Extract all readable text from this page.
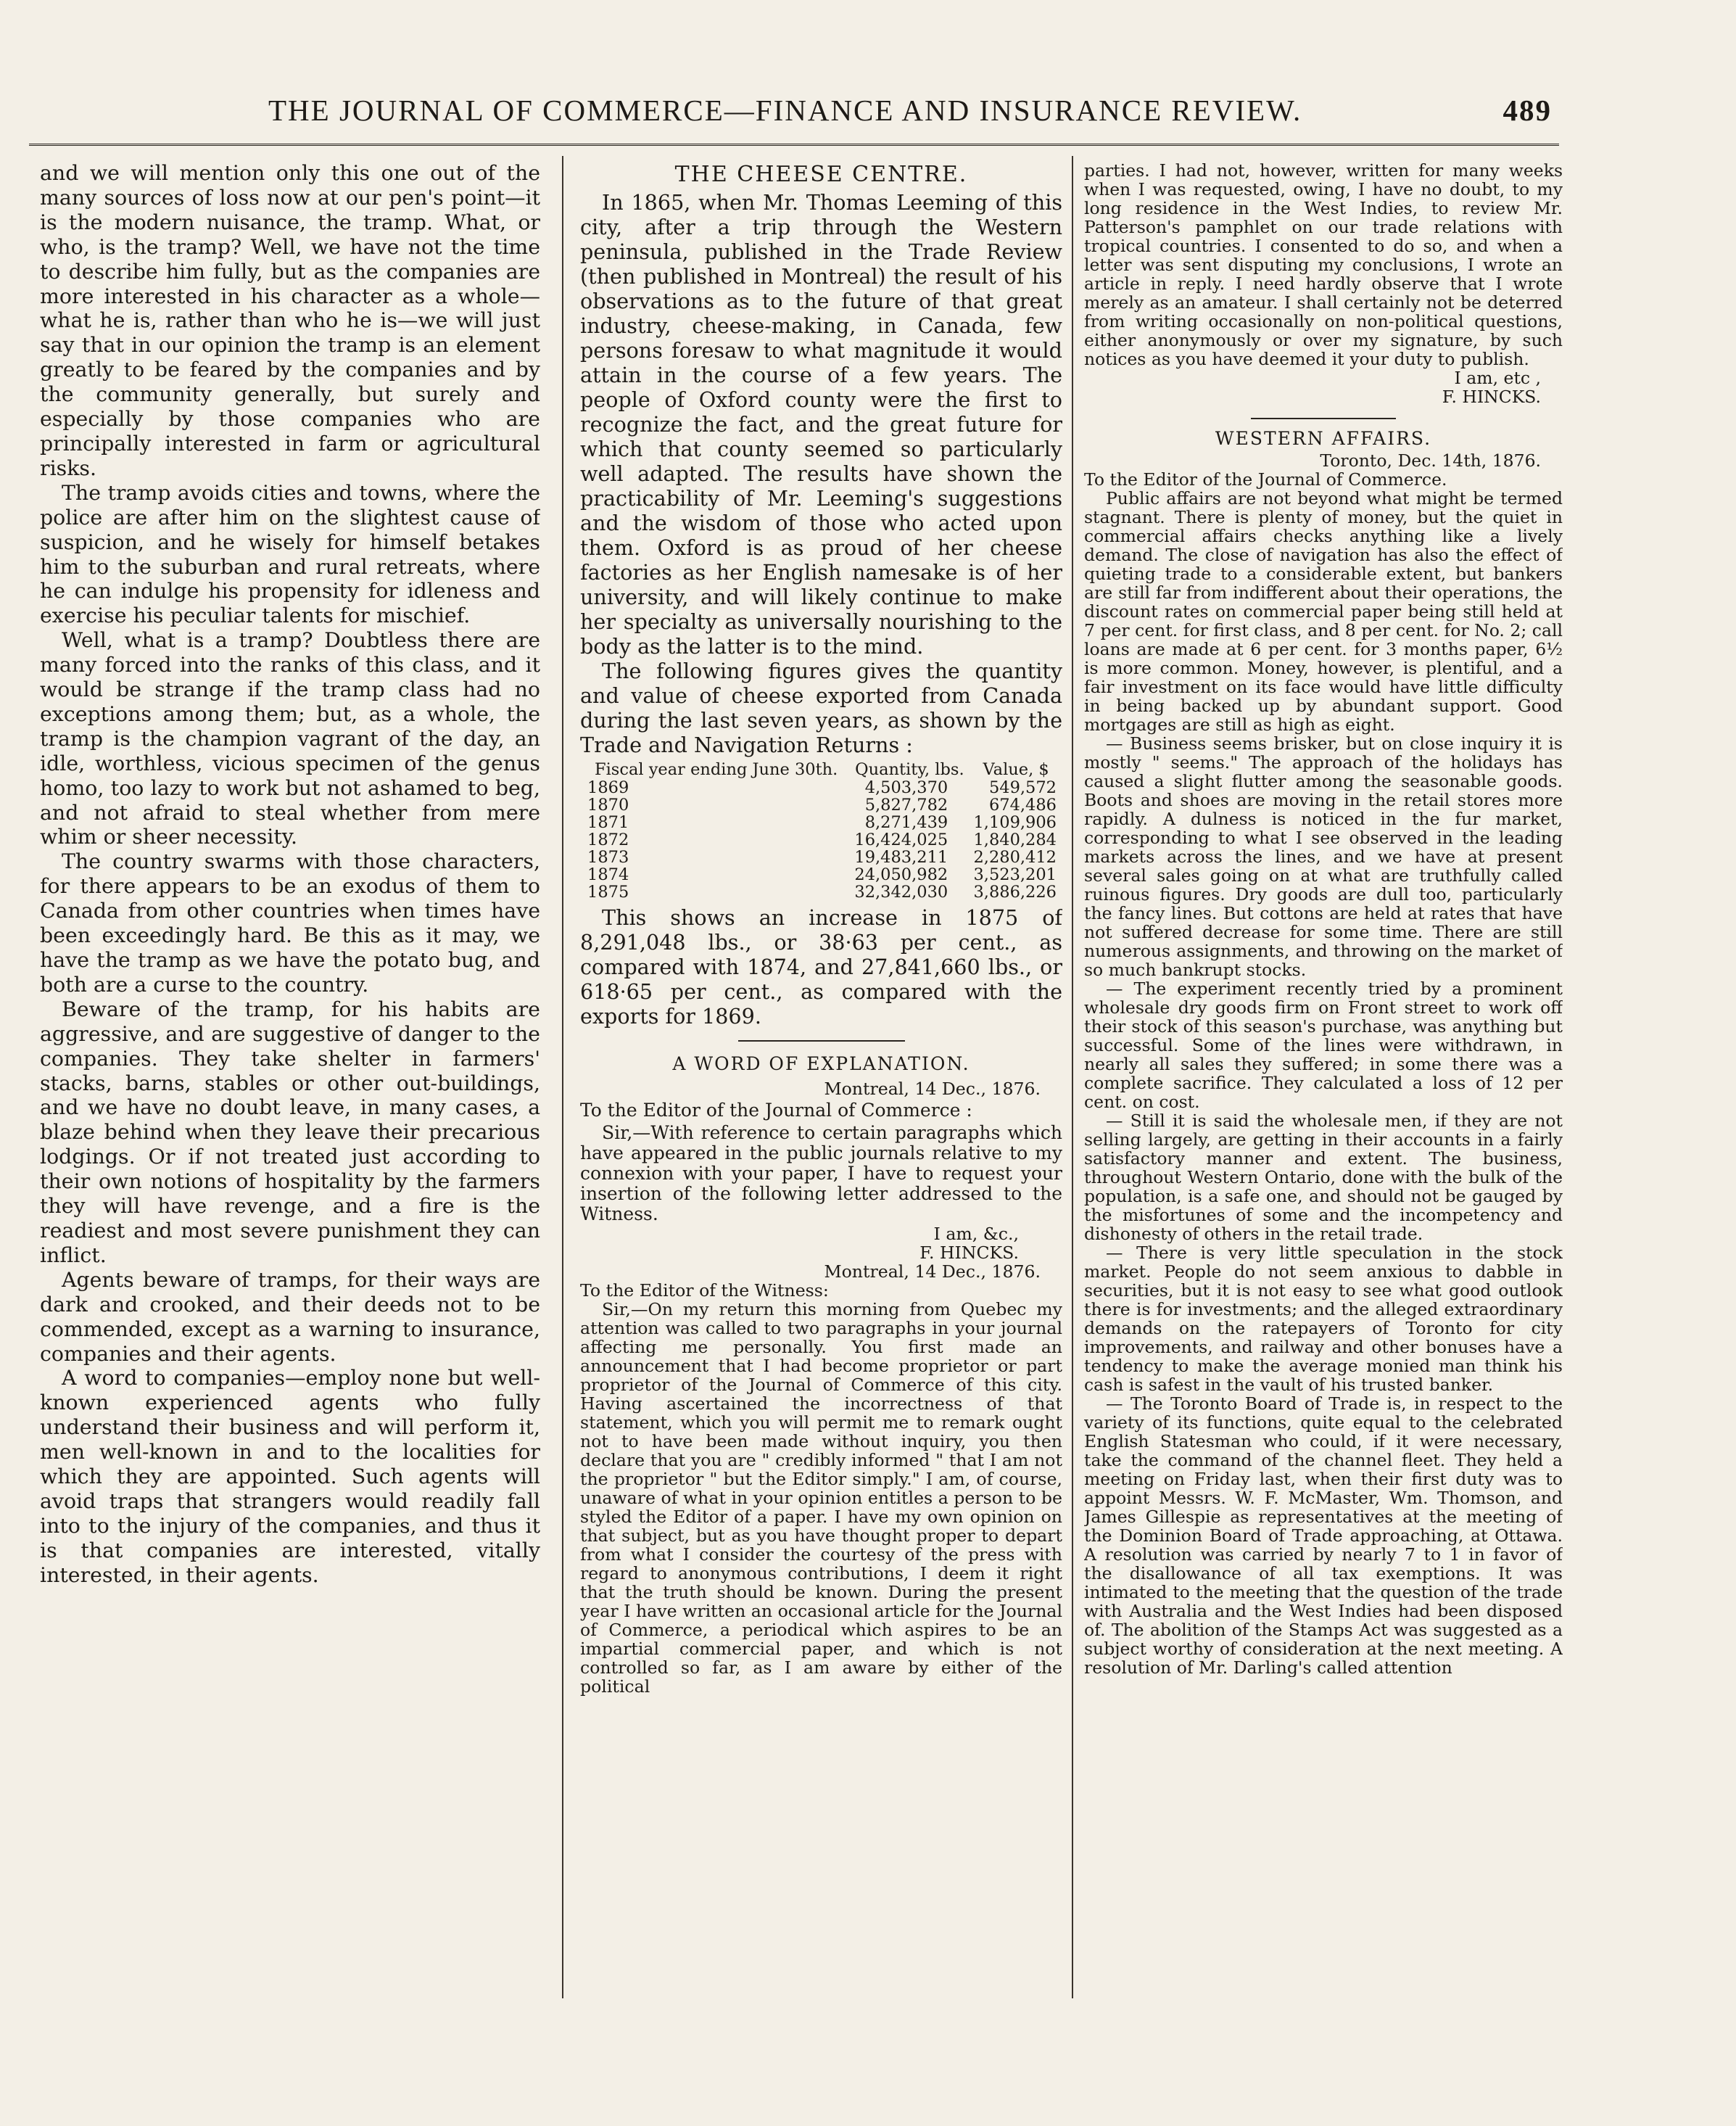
THE JOURNAL OF COMMERCE—FINANCE AND INSURANCE REVIEW.	489

and we will mention only this one out of the many sources of loss now at our pen's point—it is the modern nuisance, the tramp. What, or who, is the tramp? Well, we have not the time to describe him fully, but as the companies are more interested in his character as a whole—what he is, rather than who he is—we will just say that in our opinion the tramp is an element greatly to be feared by the companies and by the community generally, but surely and especially by those companies who are principally interested in farm or agricultural risks.

The tramp avoids cities and towns, where the police are after him on the slightest cause of suspicion, and he wisely for himself betakes him to the suburban and rural retreats, where he can indulge his propensity for idleness and exercise his peculiar talents for mischief.

Well, what is a tramp? Doubtless there are many forced into the ranks of this class, and it would be strange if the tramp class had no exceptions among them; but, as a whole, the tramp is the champion vagrant of the day, an idle, worthless, vicious specimen of the genus homo, too lazy to work but not ashamed to beg, and not afraid to steal whether from mere whim or sheer necessity.

The country swarms with those characters, for there appears to be an exodus of them to Canada from other countries when times have been exceedingly hard. Be this as it may, we have the tramp as we have the potato bug, and both are a curse to the country.

Beware of the tramp, for his habits are aggressive, and are suggestive of danger to the companies. They take shelter in farmers' stacks, barns, stables or other out-buildings, and we have no doubt leave, in many cases, a blaze behind when they leave their precarious lodgings. Or if not treated just according to their own notions of hospitality by the farmers they will have revenge, and a fire is the readiest and most severe punishment they can inflict.

Agents beware of tramps, for their ways are dark and crooked, and their deeds not to be commended, except as a warning to insurance, companies and their agents.

A word to companies—employ none but well-known experienced agents who fully understand their business and will perform it, men well-known in and to the localities for which they are appointed. Such agents will avoid traps that strangers would readily fall into to the injury of the companies, and thus it is that companies are interested, vitally interested, in their agents.

THE CHEESE CENTRE.

In 1865, when Mr. Thomas Leeming of this city, after a trip through the Western peninsula, published in the Trade Review (then published in Montreal) the result of his observations as to the future of that great industry, cheese-making, in Canada, few persons foresaw to what magnitude it would attain in the course of a few years. The people of Oxford county were the first to recognize the fact, and the great future for which that county seemed so particularly well adapted. The results have shown the practicability of Mr. Leeming's suggestions and the wisdom of those who acted upon them. Oxford is as proud of her cheese factories as her English namesake is of her university, and will likely continue to make her specialty as universally nourishing to the body as the latter is to the mind.

The following figures gives the quantity and value of cheese exported from Canada during the last seven years, as shown by the Trade and Navigation Returns :

Fiscal year ending June 30th.	Quantity, lbs.	Value, $
1869	4,503,370	549,572
1870	5,827,782	674,486
1871	8,271,439	1,109,906
1872	16,424,025	1,840,284
1873	19,483,211	2,280,412
1874	24,050,982	3,523,201
1875	32,342,030	3,886,226

This shows an increase in 1875 of 8,291,048 lbs., or 38·63 per cent., as compared with 1874, and 27,841,660 lbs., or 618·65 per cent., as compared with the exports for 1869.

A WORD OF EXPLANATION.

Montreal, 14 Dec., 1876.

To the Editor of the Journal of Commerce :

Sir,—With reference to certain paragraphs which have appeared in the public journals relative to my connexion with your paper, I have to request your insertion of the following letter addressed to the Witness.

I am, &c.,

F. HINCKS.

Montreal, 14 Dec., 1876.

To the Editor of the Witness:

Sir,—On my return this morning from Quebec my attention was called to two paragraphs in your journal affecting me personally. You first made an announcement that I had become proprietor or part proprietor of the Journal of Commerce of this city. Having ascertained the incorrectness of that statement, which you will permit me to remark ought not to have been made without inquiry, you then declare that you are " credibly informed " that I am not the proprietor " but the Editor simply." I am, of course, unaware of what in your opinion entitles a person to be styled the Editor of a paper. I have my own opinion on that subject, but as you have thought proper to depart from what I consider the courtesy of the press with regard to anonymous contributions, I deem it right that the truth should be known. During the present year I have written an occasional article for the Journal of Commerce, a periodical which aspires to be an impartial commercial paper, and which is not controlled so far, as I am aware by either of the political

parties. I had not, however, written for many weeks when I was requested, owing, I have no doubt, to my long residence in the West Indies, to review Mr. Patterson's pamphlet on our trade relations with tropical countries. I consented to do so, and when a letter was sent disputing my conclusions, I wrote an article in reply. I need hardly observe that I wrote merely as an amateur. I shall certainly not be deterred from writing occasionally on non-political questions, either anonymously or over my signature, by such notices as you have deemed it your duty to publish.

I am, etc ,

F. HINCKS.

WESTERN AFFAIRS.

Toronto, Dec. 14th, 1876.

To the Editor of the Journal of Commerce.

Public affairs are not beyond what might be termed stagnant. There is plenty of money, but the quiet in commercial affairs checks anything like a lively demand. The close of navigation has also the effect of quieting trade to a considerable extent, but bankers are still far from indifferent about their operations, the discount rates on commercial paper being still held at 7 per cent. for first class, and 8 per cent. for No. 2; call loans are made at 6 per cent. for 3 months paper, 6½ is more common. Money, however, is plentiful, and a fair investment on its face would have little difficulty in being backed up by abundant support. Good mortgages are still as high as eight.

— Business seems brisker, but on close inquiry it is mostly " seems." The approach of the holidays has caused a slight flutter among the seasonable goods. Boots and shoes are moving in the retail stores more rapidly. A dulness is noticed in the fur market, corresponding to what I see observed in the leading markets across the lines, and we have at present several sales going on at what are truthfully called ruinous figures. Dry goods are dull too, particularly the fancy lines. But cottons are held at rates that have not suffered decrease for some time. There are still numerous assignments, and throwing on the market of so much bankrupt stocks.

— The experiment recently tried by a prominent wholesale dry goods firm on Front street to work off their stock of this season's purchase, was anything but successful. Some of the lines were withdrawn, in nearly all sales they suffered; in some there was a complete sacrifice. They calculated a loss of 12 per cent. on cost.

— Still it is said the wholesale men, if they are not selling largely, are getting in their accounts in a fairly satisfactory manner and extent. The business, throughout Western Ontario, done with the bulk of the population, is a safe one, and should not be gauged by the misfortunes of some and the incompetency and dishonesty of others in the retail trade.

— There is very little speculation in the stock market. People do not seem anxious to dabble in securities, but it is not easy to see what good outlook there is for investments; and the alleged extraordinary demands on the ratepayers of Toronto for city improvements, and railway and other bonuses have a tendency to make the average monied man think his cash is safest in the vault of his trusted banker.

— The Toronto Board of Trade is, in respect to the variety of its functions, quite equal to the celebrated English Statesman who could, if it were necessary, take the command of the channel fleet. They held a meeting on Friday last, when their first duty was to appoint Messrs. W. F. McMaster, Wm. Thomson, and James Gillespie as representatives at the meeting of the Dominion Board of Trade approaching, at Ottawa. A resolution was carried by nearly 7 to 1 in favor of the disallowance of all tax exemptions. It was intimated to the meeting that the question of the trade with Australia and the West Indies had been disposed of. The abolition of the Stamps Act was suggested as a subject worthy of consideration at the next meeting. A resolution of Mr. Darling's called attention
